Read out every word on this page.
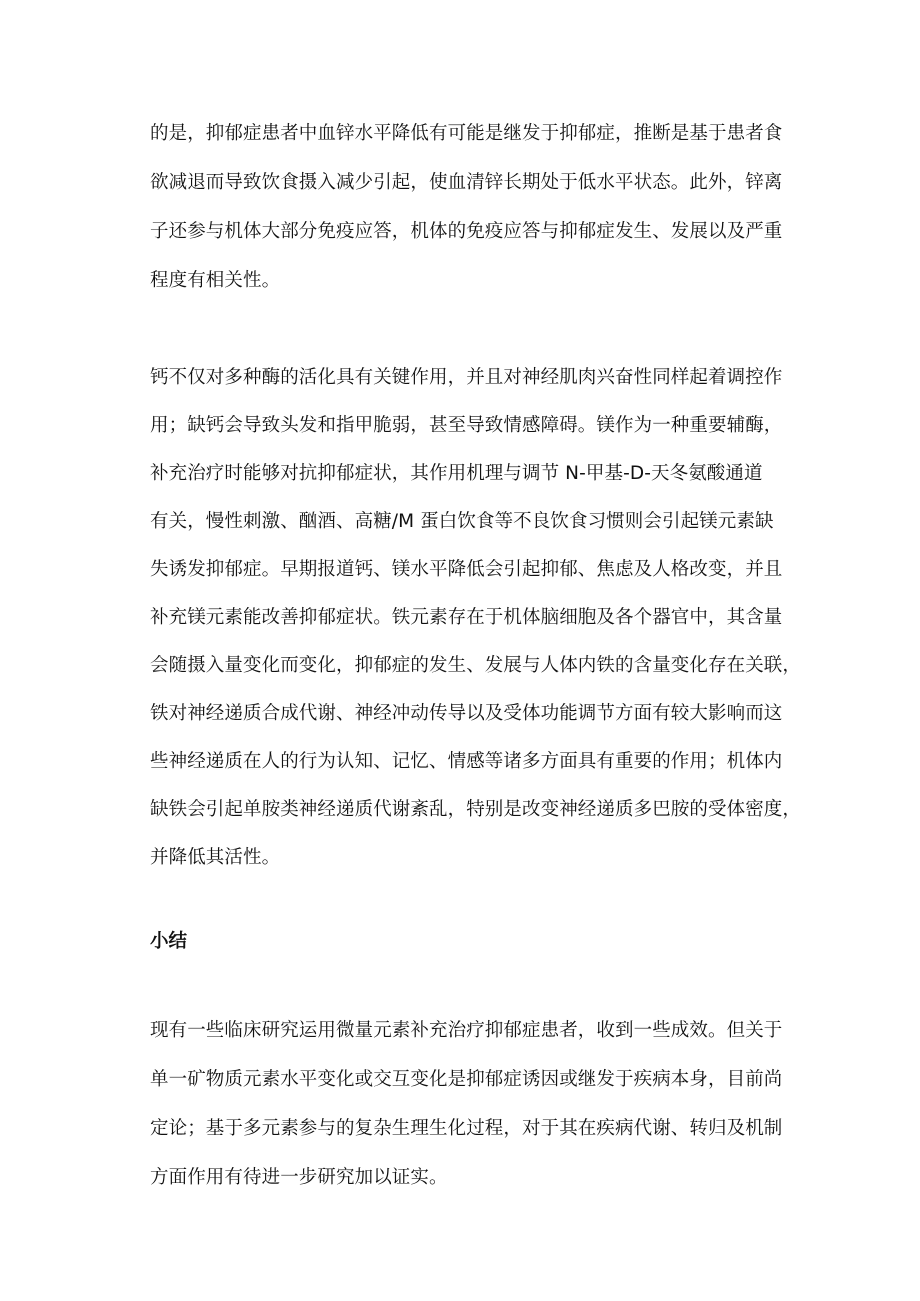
的是，抑郁症患者中血锌水平降低有可能是继发于抑郁症，推断是基于患者食
欲减退而导致饮食摄入减少引起，使血清锌长期处于低水平状态。此外，锌离
子还参与机体大部分免疫应答，机体的免疫应答与抑郁症发生、发展以及严重
程度有相关性。
钙不仅对多种酶的活化具有关键作用，并且对神经肌肉兴奋性同样起着调控作
用；缺钙会导致头发和指甲脆弱，甚至导致情感障碍。镁作为一种重要辅酶，
补充治疗时能够对抗抑郁症状，其作用机理与调节 N-甲基-D-天冬氨酸通道
有关，慢性刺激、酗酒、高糖/M 蛋白饮食等不良饮食习惯则会引起镁元素缺
失诱发抑郁症。早期报道钙、镁水平降低会引起抑郁、焦虑及人格改变，并且
补充镁元素能改善抑郁症状。铁元素存在于机体脑细胞及各个器官中，其含量
会随摄入量变化而变化，抑郁症的发生、发展与人体内铁的含量变化存在关联，
铁对神经递质合成代谢、神经冲动传导以及受体功能调节方面有较大影响而这
些神经递质在人的行为认知、记忆、情感等诸多方面具有重要的作用；机体内
缺铁会引起单胺类神经递质代谢紊乱，特别是改变神经递质多巴胺的受体密度，
并降低其活性。
小结
现有一些临床研究运用微量元素补充治疗抑郁症患者，收到一些成效。但关于
单一矿物质元素水平变化或交互变化是抑郁症诱因或继发于疾病本身，目前尚
定论；基于多元素参与的复杂生理生化过程，对于其在疾病代谢、转归及机制
方面作用有待进一步研究加以证实。
